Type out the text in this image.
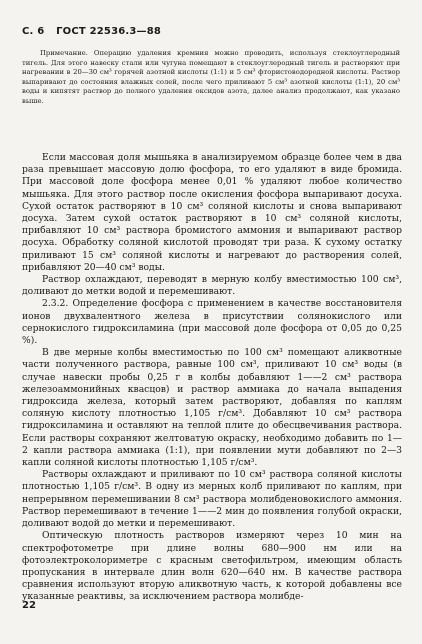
С. 6 ГОСТ 22536.3—88

Примечание. Операцию удаления кремния можно проводить, используя стеклоуглеродный тигель. Для этого навеску стали или чугуна помещают в стеклоуглеродный тигель и растворяют при нагревании в 20—30 см³ горячей азотной кислоты (1:1) и 5 см³ фтористоводородной кислоты. Раствор выпаривают до состояния влажных солей, после чего приливают 5 см³ азотной кислоты (1:1), 20 см³ воды и кипятят раствор до полного удаления оксидов азота, далее анализ продолжают, как указано выше.

Если массовая доля мышьяка в анализируемом образце более чем в два раза превышает массовую долю фосфора, то его удаляют в виде бромида. При массовой доле фосфора менее 0,01 % удаляют любое количество мышьяка. Для этого раствор после окисления фосфора выпаривают досуха. Сухой остаток растворяют в 10 см³ соляной кислоты и снова выпаривают досуха. Затем сухой остаток растворяют в 10 см³ соляной кислоты, прибавляют 10 см³ раствора бромистого аммония и выпаривают раствор досуха. Обработку соляной кислотой проводят три раза. К сухому остатку приливают 15 см³ соляной кислоты и нагревают до растворения солей, прибавляют 20—40 см³ воды.

Раствор охлаждают, переводят в мерную колбу вместимостью 100 см³, доливают до метки водой и перемешивают.

2.3.2. Определение фосфора с применением в качестве восстановителя ионов двухвалентного железа в присутствии солянокислого или сернокислого гидроксиламина (при массовой доле фосфора от 0,05 до 0,25 %).

В две мерные колбы вместимостью по 100 см³ помещают аликвотные части полученного раствора, равные 100 см³, приливают 10 см³ воды (в случае навески пробы 0,25 г в колбы добавляют 1——2 см³ раствора железоаммонийных квасцов) и раствор аммиака до начала выпадения гидроксида железа, который затем растворяют, добавляя по каплям соляную кислоту плотностью 1,105 г/см³. Добавляют 10 см³ раствора гидроксиламина и оставляют на теплой плите до обесцвечивания раствора. Если растворы сохраняют желтоватую окраску, необходимо добавить по 1—2 капли раствора аммиака (1:1), при появлении мути добавляют по 2—3 капли соляной кислоты плотностью 1,105 г/см³.

Растворы охлаждают и приливают по 10 см³ раствора соляной кислоты плотностью 1,105 г/см³. В одну из мерных колб приливают по каплям, при непрерывном перемешивании 8 см³ раствора молибденовокислого аммония. Раствор перемешивают в течение 1——2 мин до появления голубой окраски, доливают водой до метки и перемешивают.

Оптическую плотность растворов измеряют через 10 мин на спектрофотометре при длине волны 680—900 нм или на фотоэлектроколориметре с красным светофильтром, имеющим область пропускания в интервале длин волн 620—640 нм. В качестве раствора сравнения используют вторую аликвотную часть, к которой добавлены все указанные реактивы, за исключением раствора молибде-

22
